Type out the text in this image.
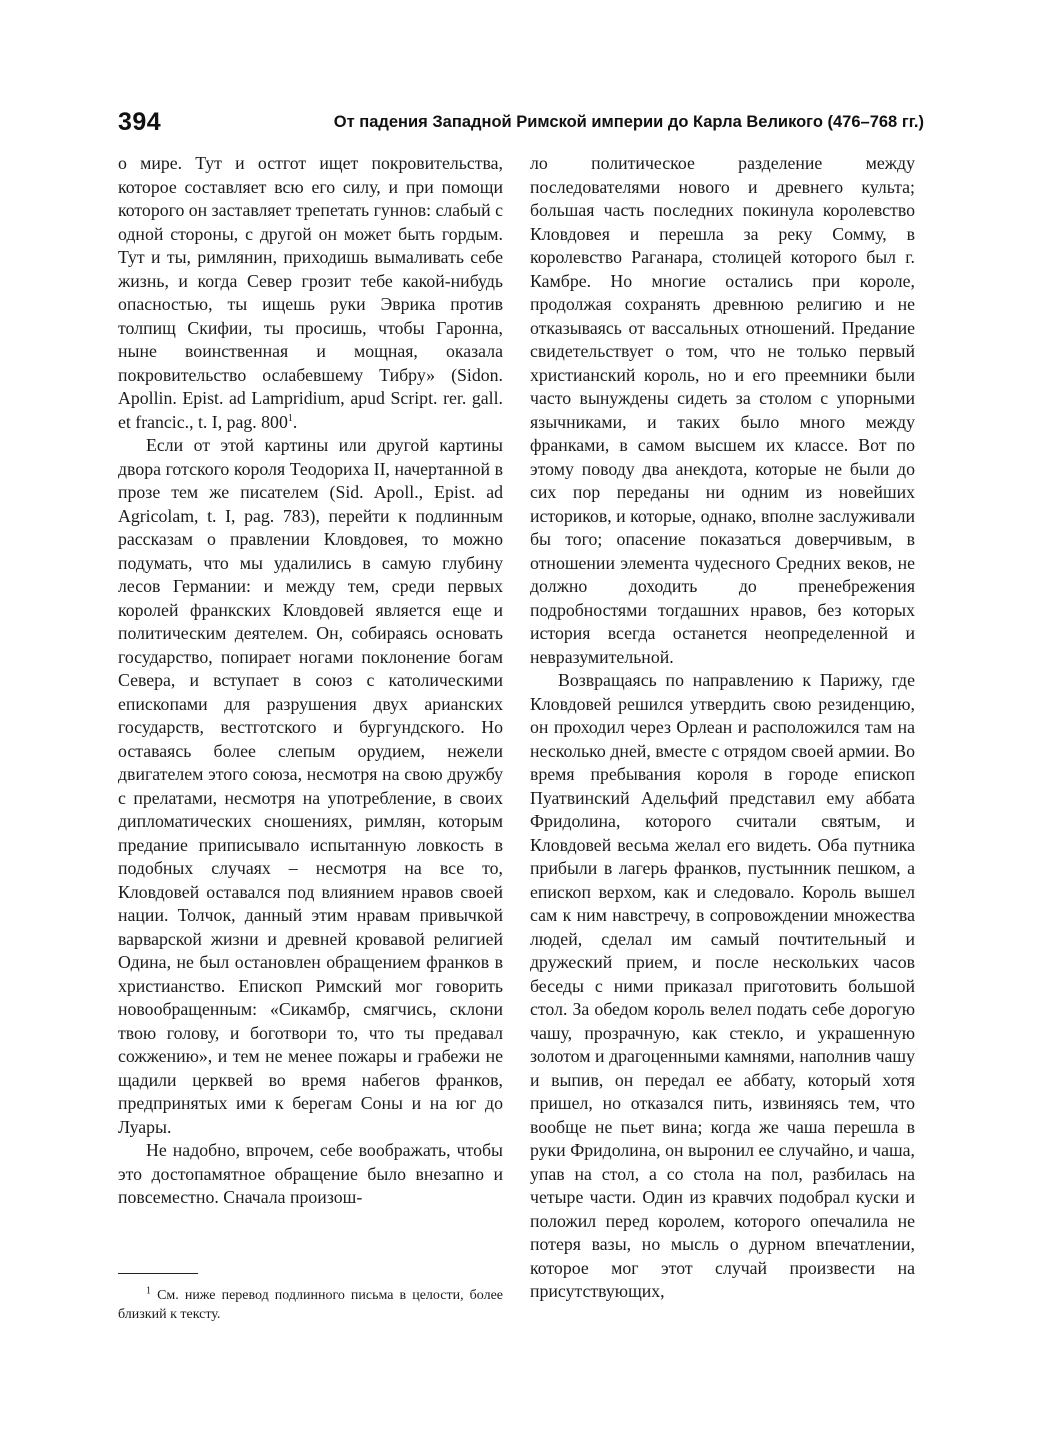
394	От падения Западной Римской империи до Карла Великого (476–768 гг.)

о мире. Тут и остгот ищет покровительства, которое составляет всю его силу, и при помощи которого он заставляет трепетать гуннов: слабый с одной стороны, с другой он может быть гордым. Тут и ты, римлянин, приходишь вымаливать себе жизнь, и когда Север грозит тебе какой-нибудь опасностью, ты ищешь руки Эврика против толпищ Скифии, ты просишь, чтобы Гаронна, ныне воинственная и мощная, оказала покровительство ослабевшему Тибру» (Sidon. Apollin. Epist. ad Lampridium, apud Script. rer. gall. et francic., t. I, pag. $800^1$.

Если от этой картины или другой картины двора готского короля Теодориха II, начертанной в прозе тем же писателем (Sid. Apoll., Epist. ad Agricolam, t. I, pag. 783), перейти к подлинным рассказам о правлении Кловдовея, то можно подумать, что мы удалились в самую глубину лесов Германии: и между тем, среди первых королей франкских Кловдовей является еще и политическим деятелем. Он, собираясь основать государство, попирает ногами поклонение богам Севера, и вступает в союз с католическими епископами для разрушения двух арианских государств, вестготского и бургундского. Но оставаясь более слепым орудием, нежели двигателем этого союза, несмотря на свою дружбу с прелатами, несмотря на употребление, в своих дипломатических сношениях, римлян, которым предание приписывало испытанную ловкость в подобных случаях – несмотря на все то, Кловдовей оставался под влиянием нравов своей нации. Толчок, данный этим нравам привычкой варварской жизни и древней кровавой религией Одина, не был остановлен обращением франков в христианство. Епископ Римский мог говорить новообращенным: «Сикамбр, смягчись, склони твою голову, и боготвори то, что ты предавал сожжению», и тем не менее пожары и грабежи не щадили церквей во время набегов франков, предпринятых ими к берегам Соны и на юг до Луары.

Не надобно, впрочем, себе воображать, чтобы это достопамятное обращение было внезапно и повсеместно. Сначала произош-

ло политическое разделение между последователями нового и древнего культа; большая часть последних покинула королевство Кловдовея и перешла за реку Сомму, в королевство Раганара, столицей которого был г. Камбре. Но многие остались при короле, продолжая сохранять древнюю религию и не отказываясь от вассальных отношений. Предание свидетельствует о том, что не только первый христианский король, но и его преемники были часто вынуждены сидеть за столом с упорными язычниками, и таких было много между франками, в самом высшем их классе. Вот по этому поводу два анекдота, которые не были до сих пор переданы ни одним из новейших историков, и которые, однако, вполне заслуживали бы того; опасение показаться доверчивым, в отношении элемента чудесного Средних веков, не должно доходить до пренебрежения подробностями тогдашних нравов, без которых история всегда останется неопределенной и невразумительной.

Возвращаясь по направлению к Парижу, где Кловдовей решился утвердить свою резиденцию, он проходил через Орлеан и расположился там на несколько дней, вместе с отрядом своей армии. Во время пребывания короля в городе епископ Пуатвинский Адельфий представил ему аббата Фридолина, которого считали святым, и Кловдовей весьма желал его видеть. Оба путника прибыли в лагерь франков, пустынник пешком, а епископ верхом, как и следовало. Король вышел сам к ним навстречу, в сопровождении множества людей, сделал им самый почтительный и дружеский прием, и после нескольких часов беседы с ними приказал приготовить большой стол. За обедом король велел подать себе дорогую чашу, прозрачную, как стекло, и украшенную золотом и драгоценными камнями, наполнив чашу и выпив, он передал ее аббату, который хотя пришел, но отказался пить, извиняясь тем, что вообще не пьет вина; когда же чаша перешла в руки Фридолина, он выронил ее случайно, и чаша, упав на стол, а со стола на пол, разбилась на четыре части. Один из кравчих подобрал куски и положил перед королем, которого опечалила не потеря вазы, но мысль о дурном впечатлении, которое мог этот случай произвести на присутствующих,

$^1$ См. ниже перевод подлинного письма в целости, более близкий к тексту.
